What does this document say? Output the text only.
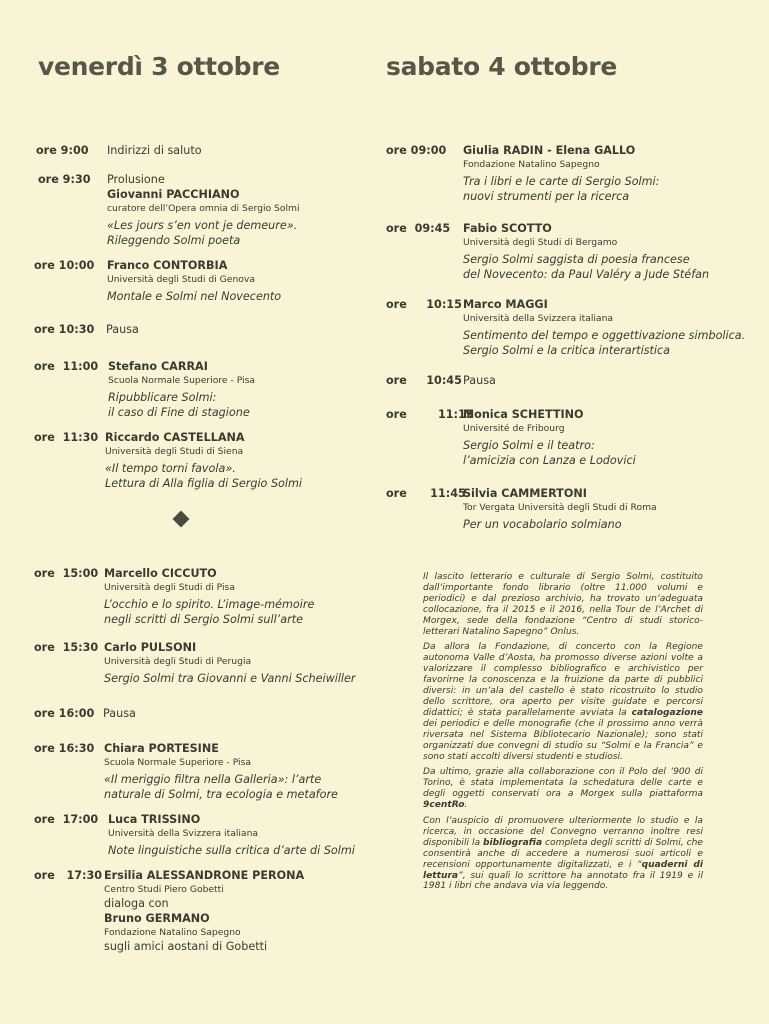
venerdì 3 ottobre	sabato 4 ottobre
ore 9:00 Indirizzi di saluto
ore 9:30 Prolusione
Giovanni PACCHIANO
curatore dell’Opera omnia di Sergio Solmi
«Les jours s’en vont je demeure».
Rileggendo Solmi poeta
ore 10:00 Franco CONTORBIA
Università degli Studi di Genova
Montale e Solmi nel Novecento
ore 10:30 Pausa
ore  11:00 Stefano CARRAI
Scuola Normale Superiore - Pisa
Ripubblicare Solmi:
il caso di Fine di stagione
ore  11:30 Riccardo CASTELLANA
Università degli Studi di Siena
«Il tempo torni favola».
Lettura di Alla figlia di Sergio Solmi
ore  15:00 Marcello CICCUTO
Università degli Studi di Pisa
L’occhio e lo spirito. L’image-mémoire
negli scritti di Sergio Solmi sull’arte
ore  15:30 Carlo PULSONI
Università degli Studi di Perugia
Sergio Solmi tra Giovanni e Vanni Scheiwiller
ore 16:00 Pausa
ore 16:30 Chiara PORTESINE
Scuola Normale Superiore - Pisa
«Il meriggio filtra nella Galleria»: l’arte
naturale di Solmi, tra ecologia e metafore
ore  17:00 Luca TRISSINO
Università della Svizzera italiana
Note linguistiche sulla critica d’arte di Solmi
ore   17:30 Ersilia ALESSANDRONE PERONA
Centro Studi Piero Gobetti
dialoga con
Bruno GERMANO
Fondazione Natalino Sapegno
sugli amici aostani di Gobetti
ore 09:00 Giulia RADIN - Elena GALLO
Fondazione Natalino Sapegno
Tra i libri e le carte di Sergio Solmi:
nuovi strumenti per la ricerca
ore  09:45 Fabio SCOTTO
Università degli Studi di Bergamo
Sergio Solmi saggista di poesia francese
del Novecento: da Paul Valéry a Jude Stéfan
ore     10:15 Marco MAGGI
Università della Svizzera italiana
Sentimento del tempo e oggettivazione simbolica.
Sergio Solmi e la critica interartistica
ore     10:45 Pausa
ore        11:15
Monica SCHETTINO
Université de Fribourg
Sergio Solmi e il teatro:
l’amicizia con Lanza e Lodovici
ore      11:45
Silvia CAMMERTONI
Tor Vergata Università degli Studi di Roma
Per un vocabolario solmiano

Il lascito letterario e culturale di Sergio Solmi, costituito dall’importante fondo librario (oltre 11.000 volumi e periodici) e dal prezioso archivio, ha trovato un’adeguata collocazione, fra il 2015 e il 2016, nella Tour de l’Archet di Morgex, sede della fondazione “Centro di studi storico-letterari Natalino Sapegno” Onlus.

Da allora la Fondazione, di concerto con la Regione autonoma Valle d’Aosta, ha promosso diverse azioni volte a valorizzare il complesso bibliografico e archivistico per favorirne la conoscenza e la fruizione da parte di pubblici diversi: in un’ala del castello è stato ricostruito lo studio dello scrittore, ora aperto per visite guidate e percorsi didattici; è stata parallelamente avviata la catalogazione dei periodici e delle monografie (che il prossimo anno verrà riversata nel Sistema Bibliotecario Nazionale); sono stati organizzati due convegni di studio su “Solmi e la Francia” e sono stati accolti diversi studenti e studiosi.

Da ultimo, grazie alla collaborazione con il Polo del ’900 di Torino, è stata implementata la schedatura delle carte e degli oggetti conservati ora a Morgex sulla piattaforma 9centRo.

Con l’auspicio di promuovere ulteriormente lo studio e la ricerca, in occasione del Convegno verranno inoltre resi disponibili la bibliografia completa degli scritti di Solmi, che consentirà anche di accedere a numerosi suoi articoli e recensioni opportunamente digitalizzati, e i “quaderni di lettura”, sui quali lo scrittore ha annotato fra il 1919 e il 1981 i libri che andava via via leggendo.
